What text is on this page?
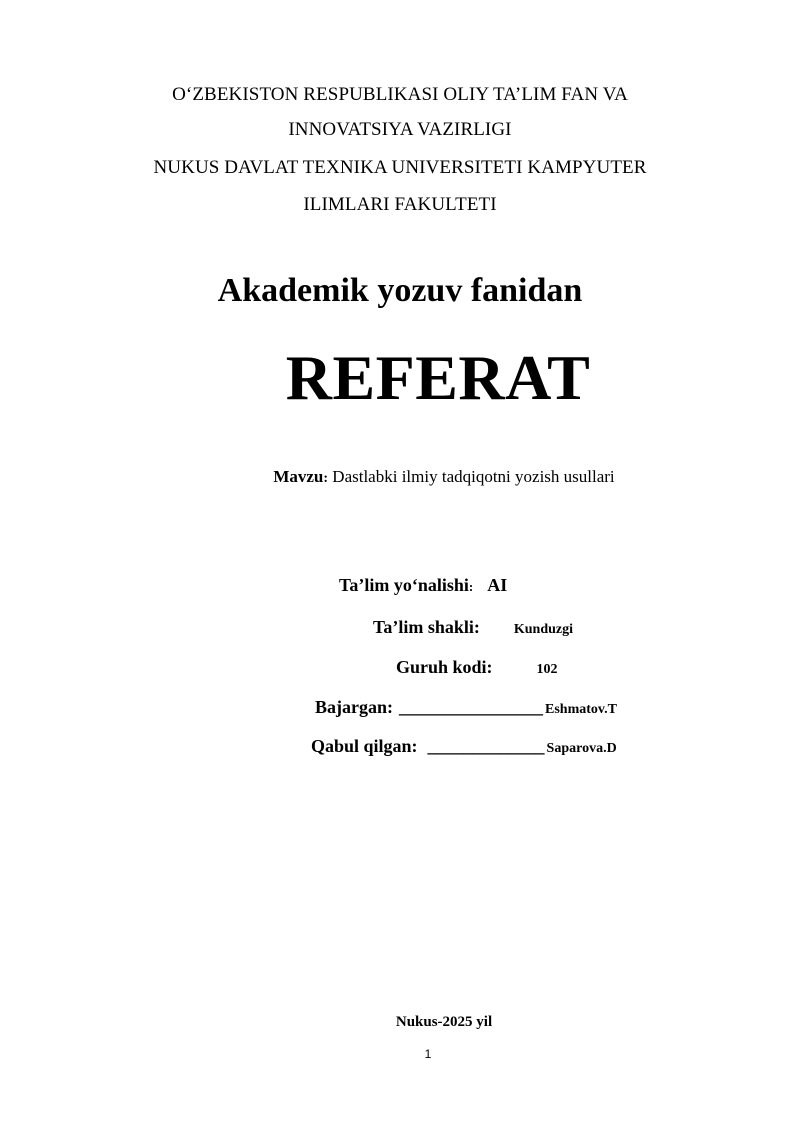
O‘ZBEKISTON RESPUBLIKASI OLIY TA’LIM FAN VA
INNOVATSIYA VAZIRLIGI
NUKUS DAVLAT TEXNIKA UNIVERSITETI KAMPYUTER
ILIMLARI FAKULTETI
Akademik yozuv fanidan
REFERAT
Mavzu: Dastlabki ilmiy tadqiqotni yozish usullari
Ta’lim yo‘nalishi: AI
Ta’lim shakli: Kunduzgi
Guruh kodi:	102
Bajargan: ________________ Eshmatov.T
Qabul qilgan: _____________ Saparova.D
Nukus-2025 yil
1
